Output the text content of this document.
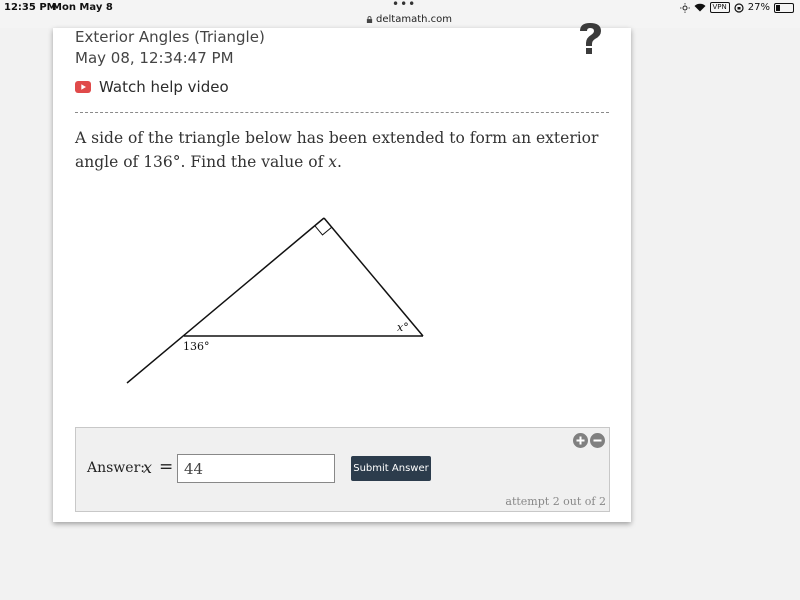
12:35 PM
Mon May 8	•••
deltamath.com
VPN	27%
Exterior Angles (Triangle)
May 08, 12:34:47 PM
Watch help video
A side of the triangle below has been extended to form an exterior angle of 136°. Find the value of x.
136°
x°
Answer:
x =
44	Submit Answer
attempt 2 out of 2
